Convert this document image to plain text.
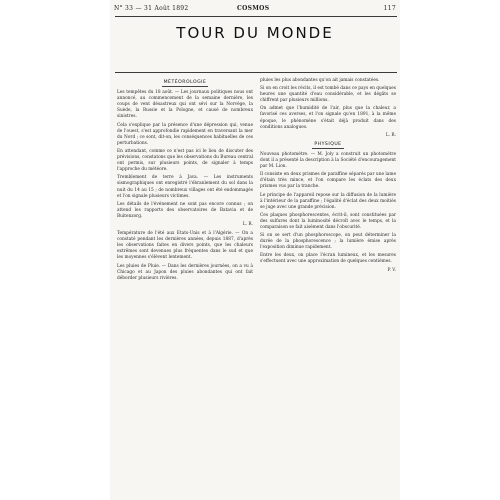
N° 33 — 31 Août 1892	COSMOS	117
TOUR DU MONDE
MÉTÉOROLOGIE

Les tempêtes du 18 août. — Les journaux politiques nous ont annoncé, au commencement de la semaine dernière, les coups de vent désastreux qui ont sévi sur la Norvège, la Suède, la Russie et la Pologne, et causé de nombreux sinistres.

Cela s'explique par la présence d'une dépression qui, venue de l'ouest, s'est approfondie rapidement en traversant la mer du Nord ; ce sont, dit-on, les conséquences habituelles de ces perturbations.

En attendant, comme ce n'est pas ici le lieu de discuter des prévisions, constatons que les observations du Bureau central ont permis, sur plusieurs points, de signaler à temps l'approche du météore.

Tremblement de terre à Java. — Les instruments sismographiques ont enregistré l'ébranlement du sol dans la nuit du 14 au 15 ; de nombreux villages ont été endommagés et l'on signale plusieurs victimes.

Les détails de l'événement ne sont pas encore connus ; on attend les rapports des observatoires de Batavia et de Buitenzorg.

L. R.

Température de l'été aux Etats-Unis et à l'Algérie. — On a constaté pendant les dernières années, depuis 1887, d'après les observations faites en divers points, que les chaleurs extrêmes sont devenues plus fréquentes dans le sud et que les moyennes s'élèvent lentement.

Les pluies de Pluie. — Dans les dernières journées, on a vu à Chicago et au Japon des pluies abondantes qui ont fait déborder plusieurs rivières.

pluies les plus abondantes qu'on ait jamais constatées.

Si on en croit les récits, il est tombé dans ce pays en quelques heures une quantité d'eau considérable, et les dégâts se chiffrent par plusieurs millions.

On admet que l'humidité de l'air, plus que la chaleur, a favorisé ces averses, et l'on signale qu'en 1891, à la même époque, le phénomène s'était déjà produit dans des conditions analogues.

L. R.
PHYSIQUE

Nouveau photomètre. — M. Joly a construit un photomètre dont il a présenté la description à la Société d'encouragement par M. Lion.

Il consiste en deux prismes de paraffine séparés par une lame d'étain très mince, et l'on compare les éclats des deux prismes vus par la tranche.

Le principe de l'appareil repose sur la diffusion de la lumière à l'intérieur de la paraffine ; l'égalité d'éclat des deux moitiés se juge avec une grande précision.

Ces plaques phosphorescentes, écrit-il, sont constituées par des sulfures dont la luminosité décroît avec le temps, et la comparaison se fait aisément dans l'obscurité.

Si on se sert d'un phosphoroscope, on peut déterminer la durée de la phosphorescence ; la lumière émise après l'exposition diminue rapidement.

Entre les deux, on place l'écran lumineux, et les mesures s'effectuent avec une approximation de quelques centièmes.

P. V.
